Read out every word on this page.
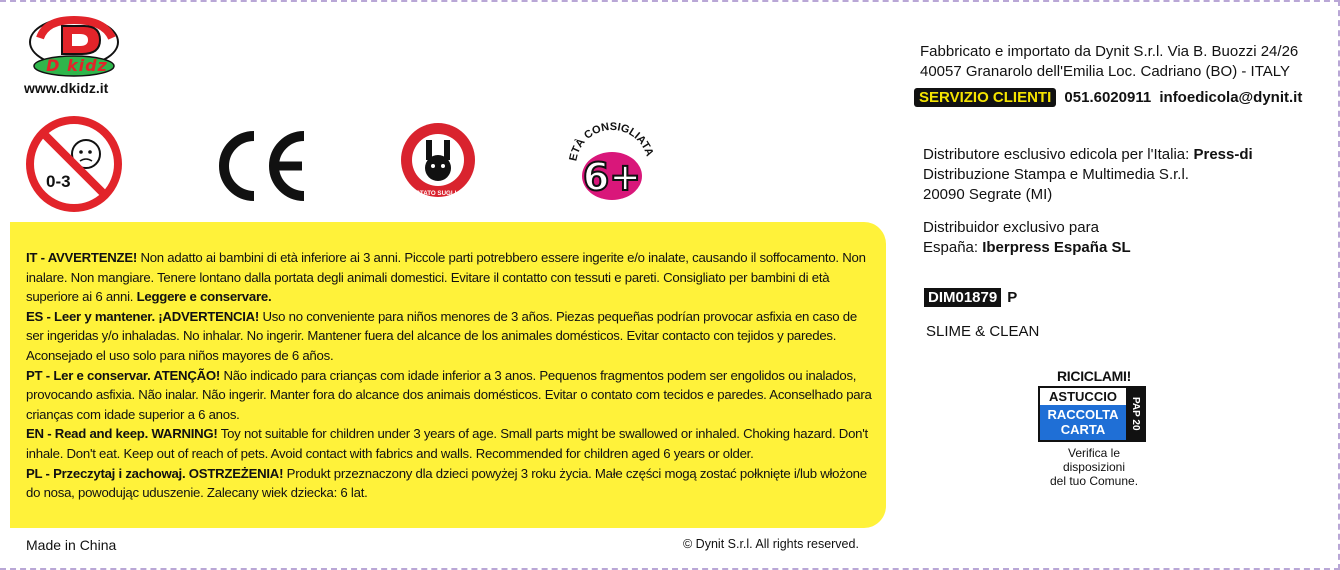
D kidz
www.dkidz.it
0-3
NON TESTATO SUGLI ANIMALI
ETÀ CONSIGLIATA
6+

IT - AVVERTENZE! Non adatto ai bambini di età inferiore ai 3 anni. Piccole parti potrebbero essere ingerite e/o inalate, causando il soffocamento. Non inalare. Non mangiare. Tenere lontano dalla portata degli animali domestici. Evitare il contatto con tessuti e pareti. Consigliato per bambini di età superiore ai 6 anni. Leggere e conservare.

ES - Leer y mantener. ¡ADVERTENCIA! Uso no conveniente para niños menores de 3 años. Piezas pequeñas podrían provocar asfixia en caso de ser ingeridas y/o inhaladas. No inhalar. No ingerir. Mantener fuera del alcance de los animales domésticos. Evitar contacto con tejidos y paredes. Aconsejado el uso solo para niños mayores de 6 años.

PT - Ler e conservar. ATENÇÃO! Não indicado para crianças com idade inferior a 3 anos. Pequenos fragmentos podem ser engolidos ou inalados, provocando asfixia. Não inalar. Não ingerir. Manter fora do alcance dos animais domésticos. Evitar o contato com tecidos e paredes. Aconselhado para crianças com idade superior a 6 anos.

EN - Read and keep. WARNING! Toy not suitable for children under 3 years of age. Small parts might be swallowed or inhaled. Choking hazard. Don't inhale. Don't eat. Keep out of reach of pets. Avoid contact with fabrics and walls. Recommended for children aged 6 years or older.

PL - Przeczytaj i zachowaj. OSTRZEŻENIA! Produkt przeznaczony dla dzieci powyżej 3 roku życia. Małe części mogą zostać połknięte i/lub włożone do nosa, powodując uduszenie. Zalecany wiek dziecka: 6 lat.

Made in China	© Dynit S.r.l. All rights reserved.
Fabbricato e importato da Dynit S.r.l. Via B. Buozzi 24/26
40057 Granarolo dell'Emilia Loc. Cadriano (BO) - ITALY
SERVIZIO CLIENTI 051.6020911 infoedicola@dynit.it
Distributore esclusivo edicola per l'Italia: Press-di
Distribuzione Stampa e Multimedia S.r.l.
20090 Segrate (MI)
Distribuidor exclusivo para
España: Iberpress España SL
DIM01879 P
SLIME & CLEAN
RICICLAMI!
ASTUCCIO
RACCOLTA
CARTA	PAP 20
Verifica le disposizioni
del tuo Comune.
